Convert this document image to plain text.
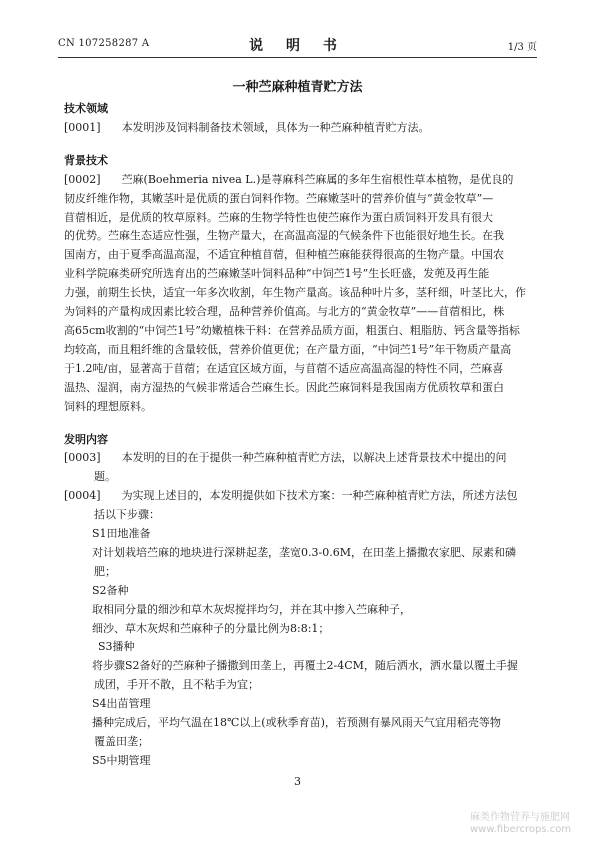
CN 107258287 A	说 明 书	1/3 页
一种苎麻种植青贮方法
技术领域
[0001] 本发明涉及饲料制备技术领域，具体为一种苎麻种植青贮方法。
背景技术
[0002] 苎麻(Boehmeria nivea L.)是荨麻科苎麻属的多年生宿根性草本植物，是优良的
韧皮纤维作物，其嫩茎叶是优质的蛋白饲料作物。苎麻嫩茎叶的营养价值与“黄金牧草”—
苜蓿相近，是优质的牧草原料。苎麻的生物学特性也使苎麻作为蛋白质饲料开发具有很大
的优势。苎麻生态适应性强，生物产量大，在高温高湿的气候条件下也能很好地生长。在我
国南方，由于夏季高温高湿，不适宜种植苜蓿，但种植苎麻能获得很高的生物产量。中国农
业科学院麻类研究所选育出的苎麻嫩茎叶饲料品种“中饲苎1号”生长旺盛，发蔸及再生能
力强，前期生长快，适宜一年多次收割，年生物产量高。该品种叶片多，茎秆细，叶茎比大，作
为饲料的产量构成因素比较合理，品种营养价值高。与北方的“黄金牧草”——苜蓿相比，株
高65cm收割的“中饲苎1号”幼嫩植株干料：在营养品质方面，粗蛋白、粗脂肪、钙含量等指标
均较高，而且粗纤维的含量较低，营养价值更优；在产量方面，“中饲苎1号”年干物质产量高
于1.2吨/亩，显著高于苜蓿；在适宜区域方面，与苜蓿不适应高温高湿的特性不同，苎麻喜
温热、湿润，南方湿热的气候非常适合苎麻生长。因此苎麻饲料是我国南方优质牧草和蛋白
饲料的理想原料。
发明内容
[0003] 本发明的目的在于提供一种苎麻种植青贮方法，以解决上述背景技术中提出的问
题。
[0004] 为实现上述目的，本发明提供如下技术方案：一种苎麻种植青贮方法，所述方法包
括以下步骤：
S1田地准备
对计划栽培苎麻的地块进行深耕起垄，垄宽0.3-0.6M，在田垄上播撒农家肥、尿素和磷
肥；
S2备种
取相同分量的细沙和草木灰烬搅拌均匀，并在其中掺入苎麻种子，
细沙、草木灰烬和苎麻种子的分量比例为8:8:1；
S3播种
将步骤S2备好的苎麻种子播撒到田垄上，再覆土2-4CM，随后洒水，洒水量以覆土手握
成团，手开不散，且不粘手为宜；
S4出苗管理
播种完成后，平均气温在18℃以上(或秋季育苗)，若预测有暴风雨天气宜用稻壳等物
覆盖田垄；
S5中期管理
3
麻类作物营养与施肥网
www.fibercrops.com
